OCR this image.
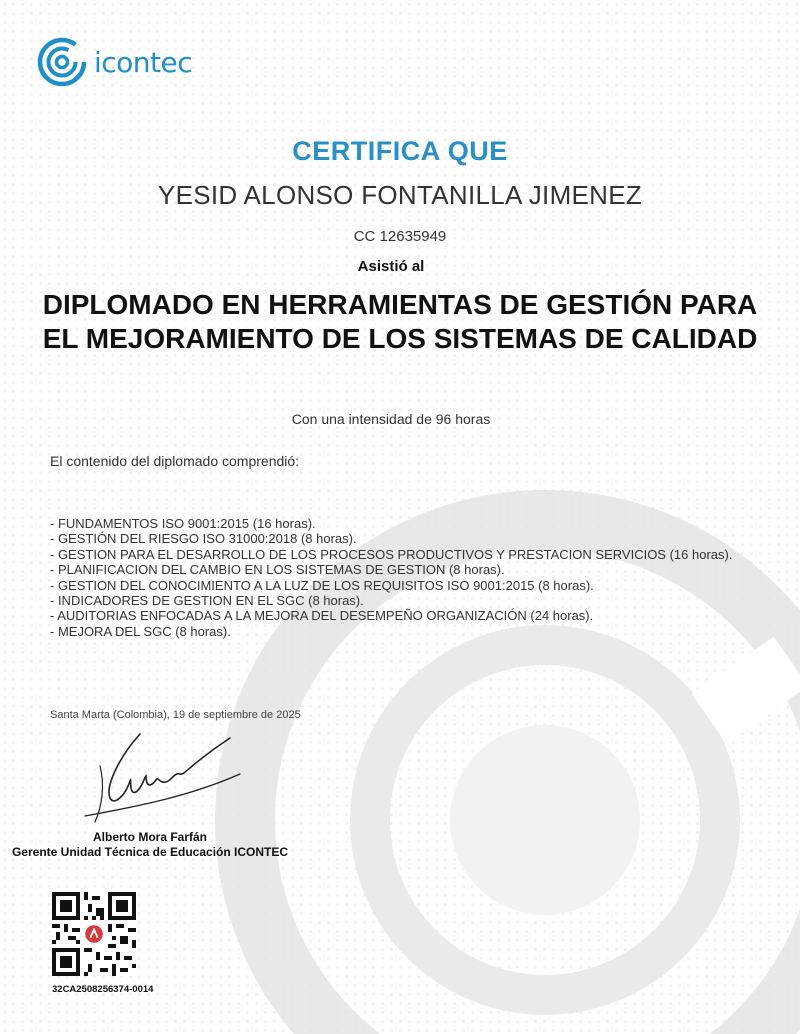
icontec
CERTIFICA QUE
YESID ALONSO FONTANILLA JIMENEZ
CC 12635949
Asistió al
DIPLOMADO EN HERRAMIENTAS DE GESTIÓN PARA
EL MEJORAMIENTO DE LOS SISTEMAS DE CALIDAD
Con una intensidad de 96 horas
El contenido del diplomado comprendió:
- FUNDAMENTOS ISO 9001:2015 (16 horas).
- GESTIÓN DEL RIESGO ISO 31000:2018 (8 horas).
- GESTION PARA EL DESARROLLO DE LOS PROCESOS PRODUCTIVOS Y PRESTACION SERVICIOS (16 horas).
- PLANIFICACION DEL CAMBIO EN LOS SISTEMAS DE GESTION (8 horas).
- GESTION DEL CONOCIMIENTO A LA LUZ DE LOS REQUISITOS ISO 9001:2015 (8 horas).
- INDICADORES DE GESTION EN EL SGC (8 horas).
- AUDITORIAS ENFOCADAS A LA MEJORA DEL DESEMPEÑO ORGANIZACIÓN (24 horas).
- MEJORA DEL SGC (8 horas).
Santa Marta (Colombia), 19 de septiembre de 2025
Alberto Mora Farfán
Gerente Unidad Técnica de Educación ICONTEC
32CA2508256374-0014
